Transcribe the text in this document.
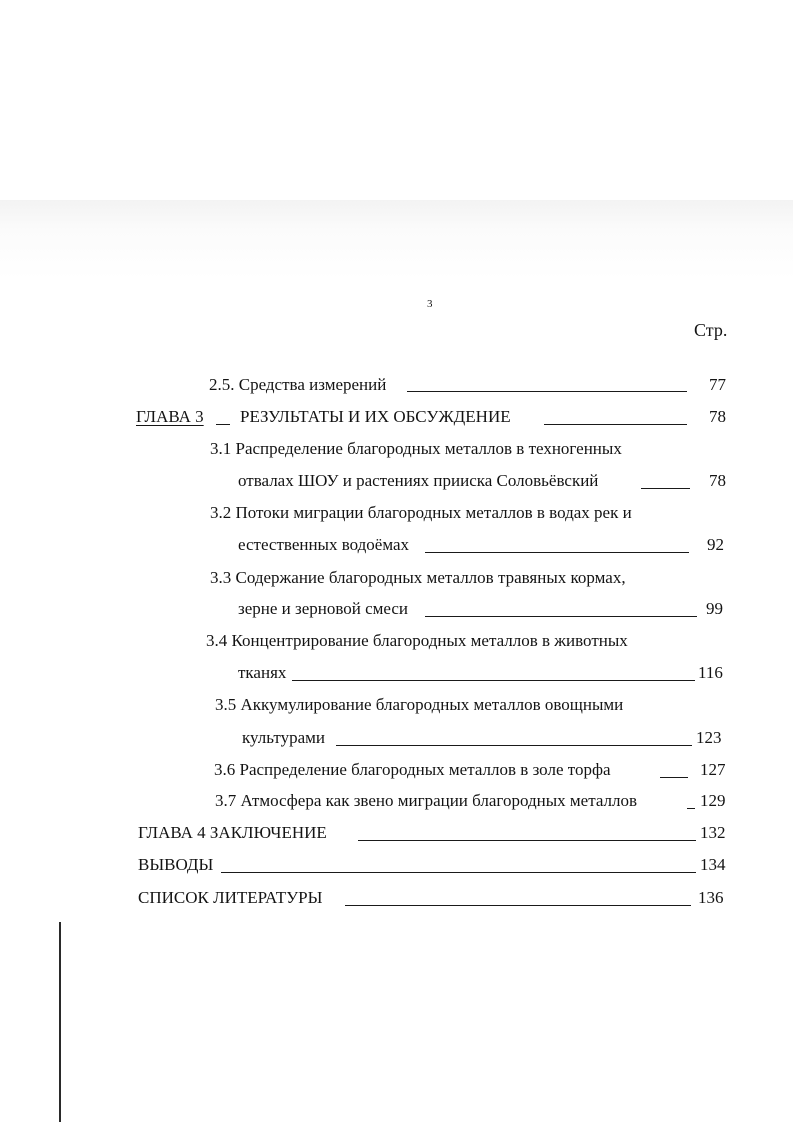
3
Стр.
2.5. Средства измерений	77
ГЛАВА 3 РЕЗУЛЬТАТЫ И ИХ ОБСУЖДЕНИЕ	78
3.1 Распределение благородных металлов в техногенных
отвалах ШОУ и растениях прииска Соловьёвский	78
3.2 Потоки миграции благородных металлов в водах рек и
естественных водоёмах	92
3.3 Содержание благородных металлов травяных кормах,
зерне и зерновой смеси	99
3.4 Концентрирование благородных металлов в животных
тканях	116
3.5 Аккумулирование благородных металлов овощными
культурами	123
3.6 Распределение благородных металлов в золе торфа	127
3.7 Атмосфера как звено миграции благородных металлов	129
ГЛАВА 4 ЗАКЛЮЧЕНИЕ	132
ВЫВОДЫ	134
СПИСОК ЛИТЕРАТУРЫ	136
